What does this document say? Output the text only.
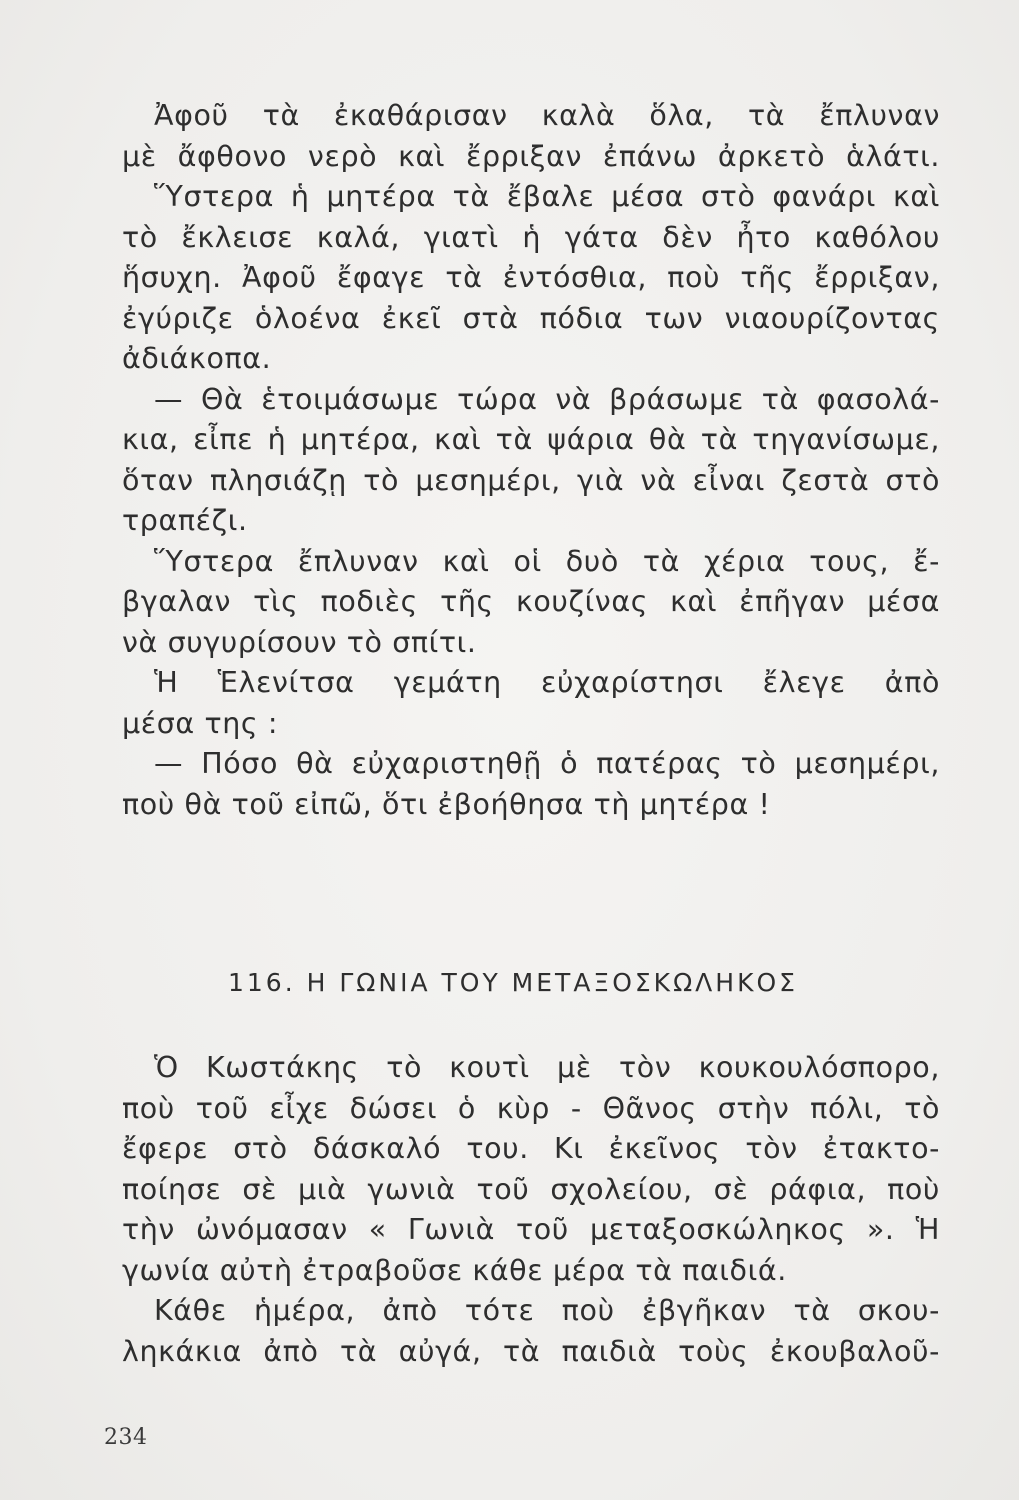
Ἀφοῦ τὰ ἐκαθάρισαν καλὰ ὅλα, τὰ ἔπλυναν
μὲ ἄφθονο νερὸ καὶ ἔρριξαν ἐπάνω ἀρκετὸ ἁλάτι.
Ὕστερα ἡ μητέρα τὰ ἔβαλε μέσα στὸ φανάρι καὶ
τὸ ἔκλεισε καλά, γιατὶ ἡ γάτα δὲν ἦτο καθόλου
ἥσυχη. Ἀφοῦ ἔφαγε τὰ ἐντόσθια, ποὺ τῆς ἔρριξαν,
ἐγύριζε ὁλοένα ἐκεῖ στὰ πόδια των νιαουρίζοντας
ἀδιάκοπα.
— Θὰ ἑτοιμάσωμε τώρα νὰ βράσωμε τὰ φασολά-
κια, εἶπε ἡ μητέρα, καὶ τὰ ψάρια θὰ τὰ τηγανίσωμε,
ὅταν πλησιάζῃ τὸ μεσημέρι, γιὰ νὰ εἶναι ζεστὰ στὸ
τραπέζι.
Ὕστερα ἔπλυναν καὶ οἱ δυὸ τὰ χέρια τους, ἔ-
βγαλαν τὶς ποδιὲς τῆς κουζίνας καὶ ἐπῆγαν μέσα
νὰ συγυρίσουν τὸ σπίτι.
Ἡ Ἑλενίτσα γεμάτη εὐχαρίστησι ἔλεγε ἀπὸ
μέσα της :
— Πόσο θὰ εὐχαριστηθῇ ὁ πατέρας τὸ μεσημέρι,
ποὺ θὰ τοῦ εἰπῶ, ὅτι ἐβοήθησα τὴ μητέρα !
116. Η ΓΩΝΙΑ ΤΟΥ ΜΕΤΑΞΟΣΚΩΛΗΚΟΣ
Ὁ Κωστάκης τὸ κουτὶ μὲ τὸν κουκουλόσπορο,
ποὺ τοῦ εἶχε δώσει ὁ κὺρ - Θᾶνος στὴν πόλι, τὸ
ἔφερε στὸ δάσκαλό του. Κι ἐκεῖνος τὸν ἐτακτο-
ποίησε σὲ μιὰ γωνιὰ τοῦ σχολείου, σὲ ράφια, ποὺ
τὴν ὠνόμασαν « Γωνιὰ τοῦ μεταξοσκώληκος ». Ἡ
γωνία αὐτὴ ἐτραβοῦσε κάθε μέρα τὰ παιδιά.
Κάθε ἡμέρα, ἀπὸ τότε ποὺ ἐβγῆκαν τὰ σκου-
ληκάκια ἀπὸ τὰ αὐγά, τὰ παιδιὰ τοὺς ἐκουβαλοῦ-
234
